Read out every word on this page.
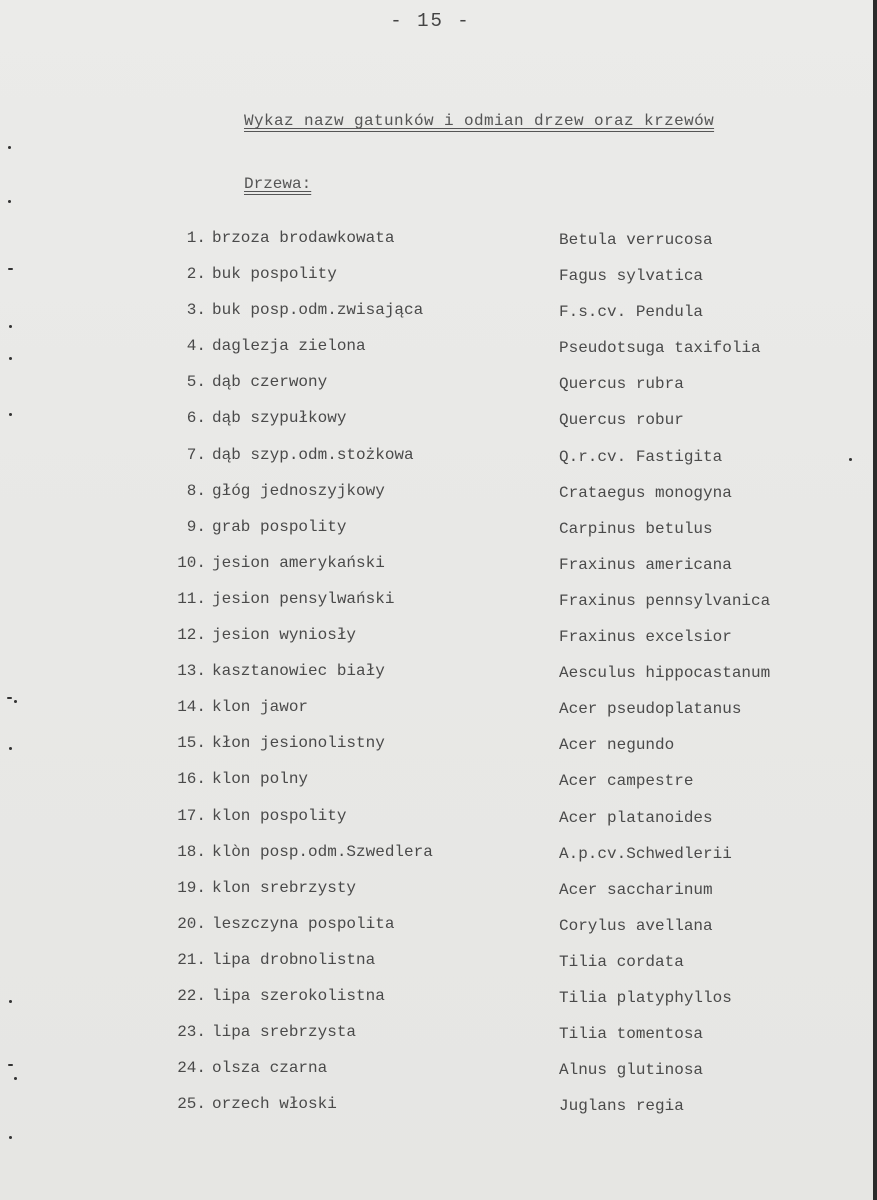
- 15 -
Wykaz nazw gatunków i odmian drzew oraz krzewów
Drzewa:
1. brzoza brodawkowata	Betula verrucosa
2. buk pospolity	Fagus sylvatica
3. buk posp.odm.zwisająca	F.s.cv. Pendula
4. daglezja zielona	Pseudotsuga taxifolia
5. dąb czerwony	Quercus rubra
6. dąb szypułkowy	Quercus robur
7. dąb szyp.odm.stożkowa	Q.r.cv. Fastigita
8. głóg jednoszyjkowy	Crataegus monogyna
9. grab pospolity	Carpinus betulus
10. jesion amerykański	Fraxinus americana
11. jesion pensylwański	Fraxinus pennsylvanica
12. jesion wyniosły	Fraxinus excelsior
13. kasztanowiec biały	Aesculus hippocastanum
14. klon jawor	Acer pseudoplatanus
15. kłon jesionolistny	Acer negundo
16. klon polny	Acer campestre
17. klon pospolity	Acer platanoides
18. klòn posp.odm.Szwedlera	A.p.cv.Schwedlerii
19. klon srebrzysty	Acer saccharinum
20. leszczyna pospolita	Corylus avellana
21. lipa drobnolistna	Tilia cordata
22. lipa szerokolistna	Tilia platyphyllos
23. lipa srebrzysta	Tilia tomentosa
24. olsza czarna	Alnus glutinosa
25. orzech włoski	Juglans regia
